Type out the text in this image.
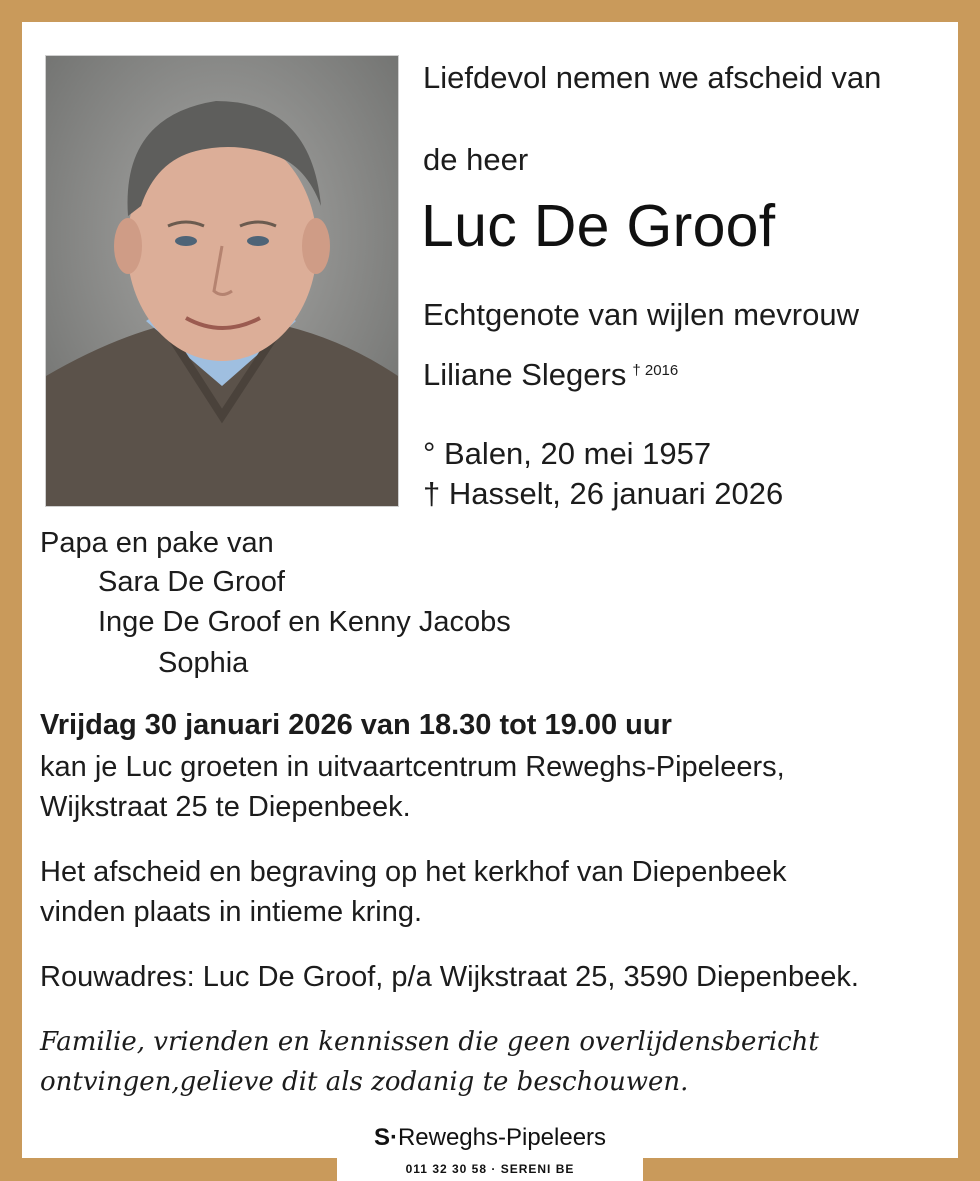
Liefdevol nemen we afscheid van
de heer
Luc De Groof
Echtgenote van wijlen mevrouw
Liliane Slegers $^{\dagger 2016}$
° Balen, 20 mei 1957
† Hasselt, 26 januari 2026
Papa en pake van
Sara De Groof
Inge De Groof en Kenny Jacobs
Sophia
Vrijdag 30 januari 2026 van 18.30 tot 19.00 uur
kan je Luc groeten in uitvaartcentrum Reweghs-Pipeleers,
Wijkstraat 25 te Diepenbeek.
Het afscheid en begraving op het kerkhof van Diepenbeek
vinden plaats in intieme kring.
Rouwadres: Luc De Groof, p/a Wijkstraat 25, 3590 Diepenbeek.
Familie, vrienden en kennissen die geen overlijdensbericht
ontvingen,gelieve dit als zodanig te beschouwen.
S·Reweghs-Pipeleers
011 32 30 58 · SERENI BE
